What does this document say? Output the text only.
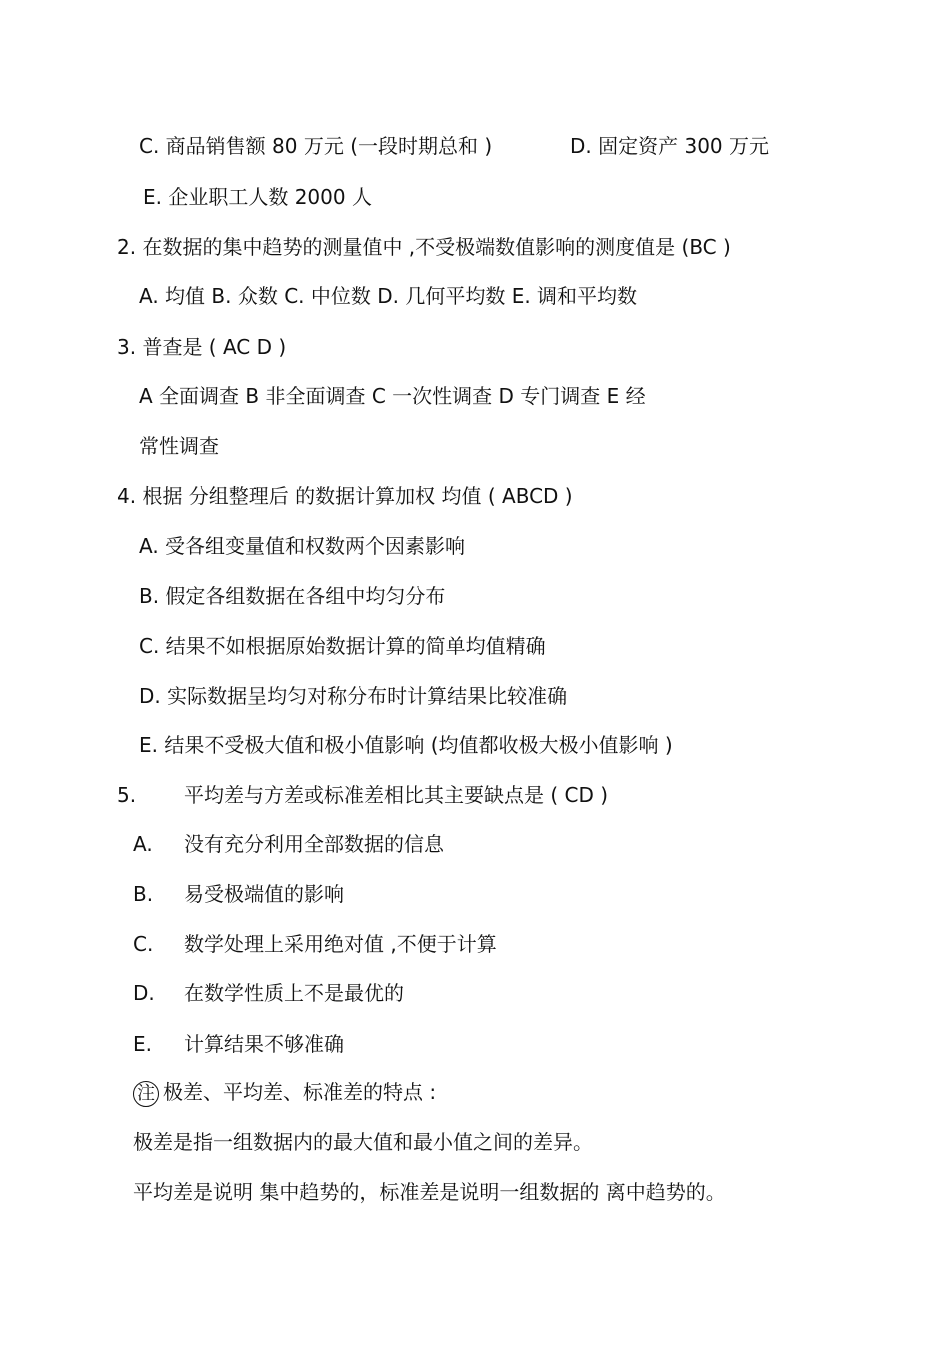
C. 商品销售额 80 万元 (一段时期总和 )	D. 固定资产 300 万元
E. 企业职工人数 2000 人
2. 在数据的集中趋势的测量值中 ,不受极端数值影响的测度值是 (BC )
A. 均值 B. 众数 C. 中位数 D. 几何平均数 E. 调和平均数
3. 普查是 ( AC D )
A 全面调查 B 非全面调查 C 一次性调查 D 专门调查 E 经
常性调查
4. 根据 分组整理后 的数据计算加权 均值 ( ABCD )
A. 受各组变量值和权数两个因素影响
B. 假定各组数据在各组中均匀分布
C. 结果不如根据原始数据计算的简单均值精确
D. 实际数据呈均匀对称分布时计算结果比较准确
E. 结果不受极大值和极小值影响 (均值都收极大极小值影响 )
5. 平均差与方差或标准差相比其主要缺点是 ( CD )
A. 没有充分利用全部数据的信息
B. 易受极端值的影响
C. 数学处理上采用绝对值 ,不便于计算
D. 在数学性质上不是最优的
E. 计算结果不够准确
注 极差、平均差、标准差的特点 :
极差是指一组数据内的最大值和最小值之间的差异。
平均差是说明 集中趋势的，标准差是说明一组数据的 离中趋势的。
